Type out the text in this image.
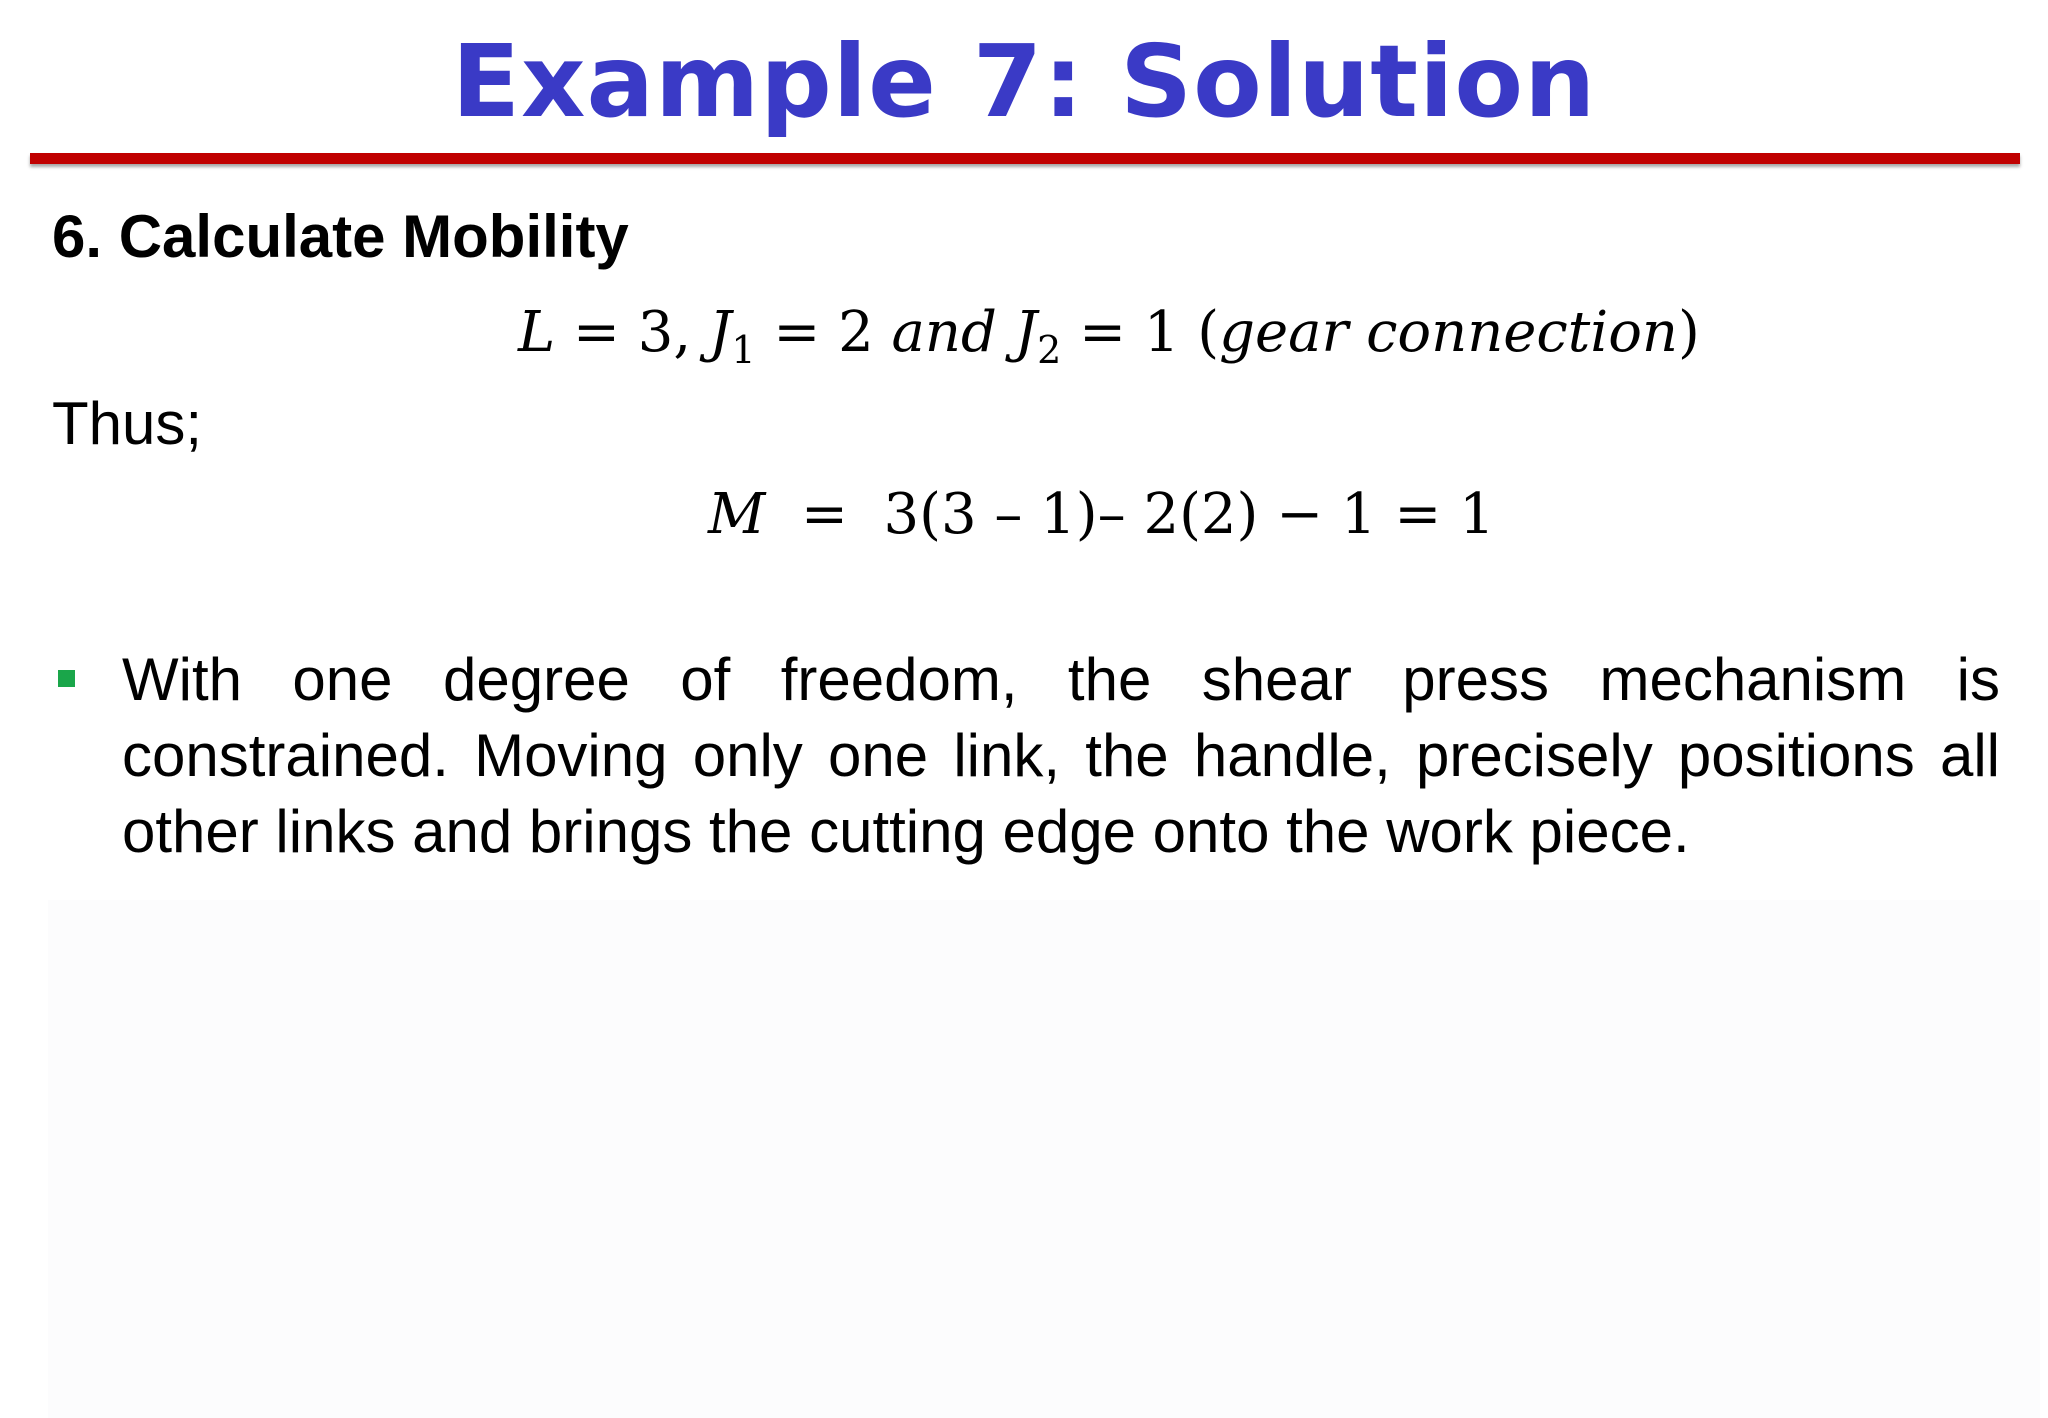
Example 7: Solution
6. Calculate Mobility
L = 3, $J_1 = 2$ and $J_2 = 1$ (gear connection)
Thus;
M  =  3(3 – 1)– 2(2) − 1 = 1
With one degree of freedom, the shear press mechanism is constrained. Moving only one link, the handle, precisely positions all other links and brings the cutting edge onto the work piece.
